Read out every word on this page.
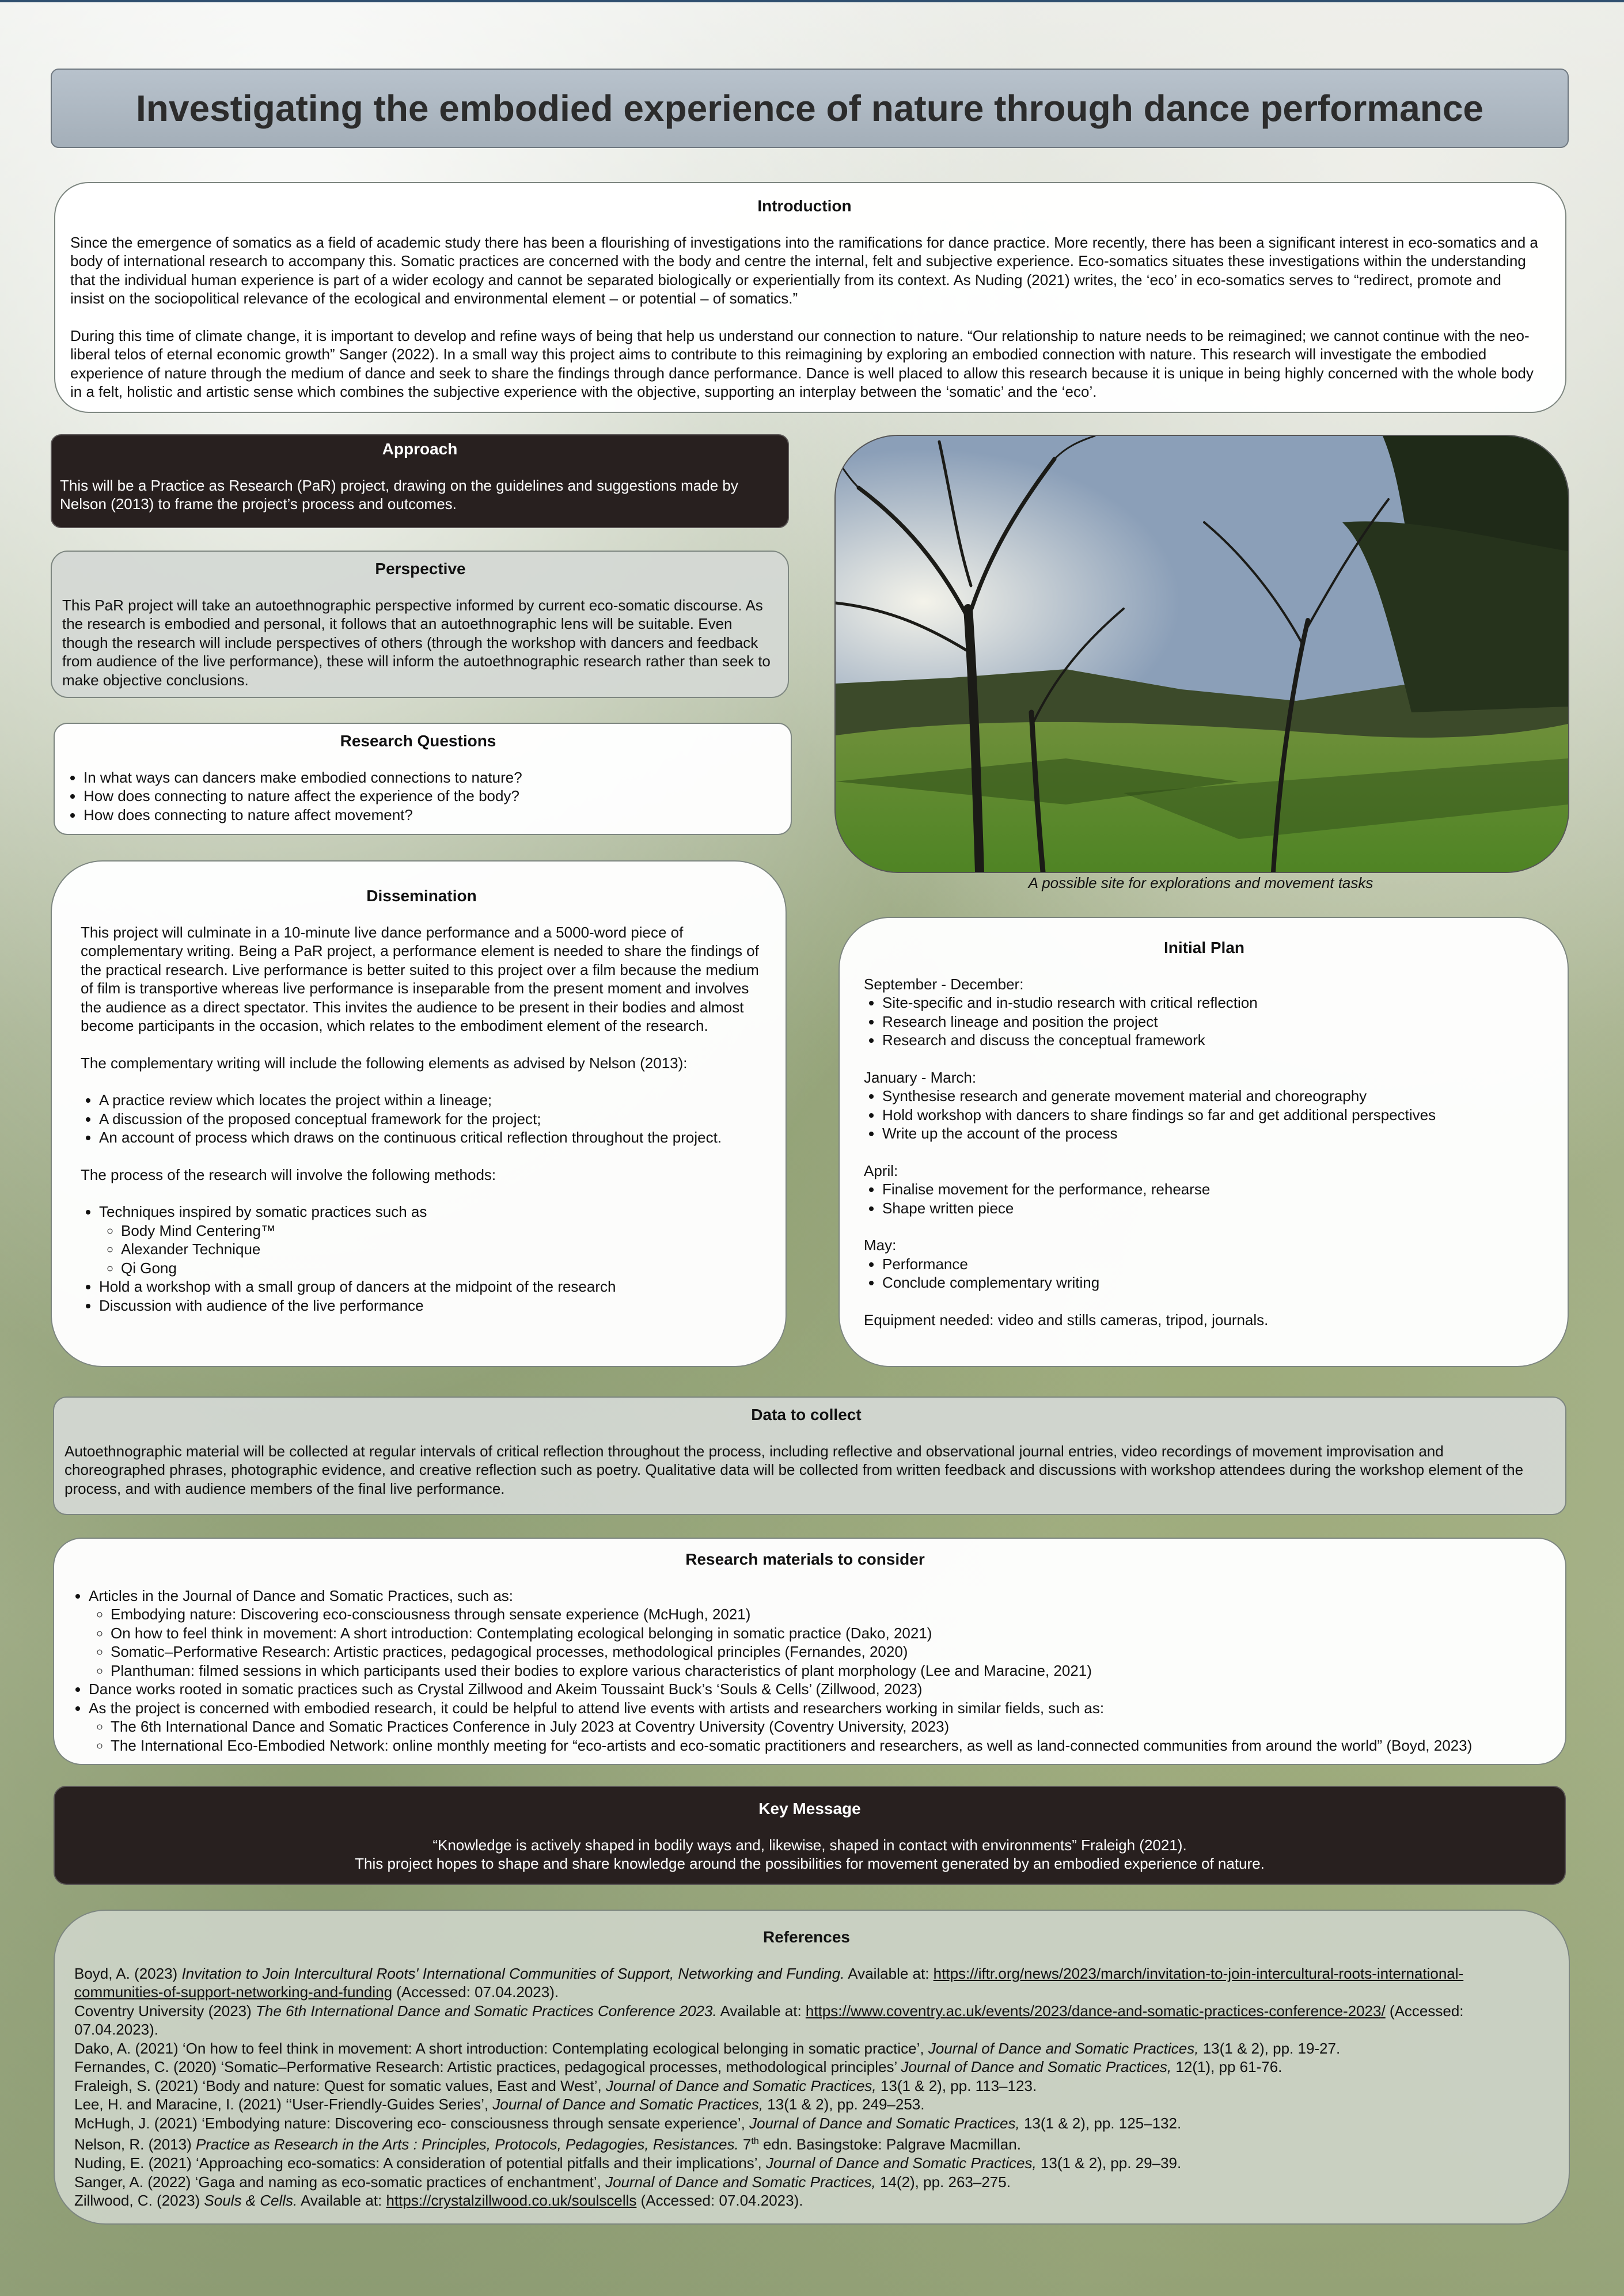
Investigating the embodied experience of nature through dance performance

Introduction

Since the emergence of somatics as a field of academic study there has been a flourishing of investigations into the ramifications for dance practice. More recently, there has been a significant interest in eco-somatics and a body of international research to accompany this. Somatic practices are concerned with the body and centre the internal, felt and subjective experience. Eco-somatics situates these investigations within the understanding that the individual human experience is part of a wider ecology and cannot be separated biologically or experientially from its context. As Nuding (2021) writes, the ‘eco’ in eco-somatics serves to “redirect, promote and insist on the sociopolitical relevance of the ecological and environmental element – or potential – of somatics.”

During this time of climate change, it is important to develop and refine ways of being that help us understand our connection to nature. “Our relationship to nature needs to be reimagined; we cannot continue with the neo-liberal telos of eternal economic growth” Sanger (2022). In a small way this project aims to contribute to this reimagining by exploring an embodied connection with nature. This research will investigate the embodied experience of nature through the medium of dance and seek to share the findings through dance performance. Dance is well placed to allow this research because it is unique in being highly concerned with the whole body in a felt, holistic and artistic sense which combines the subjective experience with the objective, supporting an interplay between the ‘somatic’ and the ‘eco’.

Approach

This will be a Practice as Research (PaR) project, drawing on the guidelines and suggestions made by Nelson (2013) to frame the project’s process and outcomes.

Perspective

This PaR project will take an autoethnographic perspective informed by current eco-somatic discourse. As the research is embodied and personal, it follows that an autoethnographic lens will be suitable. Even though the research will include perspectives of others (through the workshop with dancers and feedback from audience of the live performance), these will inform the autoethnographic research rather than seek to make objective conclusions.

Research Questions

• In what ways can dancers make embodied connections to nature?
• How does connecting to nature affect the experience of the body?
• How does connecting to nature affect movement?
A possible site for explorations and movement tasks

Dissemination

This project will culminate in a 10-minute live dance performance and a 5000-word piece of complementary writing. Being a PaR project, a performance element is needed to share the findings of the practical research. Live performance is better suited to this project over a film because the medium of film is transportive whereas live performance is inseparable from the present moment and involves the audience as a direct spectator. This invites the audience to be present in their bodies and almost become participants in the occasion, which relates to the embodiment element of the research.

The complementary writing will include the following elements as advised by Nelson (2013):

• A practice review which locates the project within a lineage;
• A discussion of the proposed conceptual framework for the project;
• An account of process which draws on the continuous critical reflection throughout the project.

The process of the research will involve the following methods:

• Techniques inspired by somatic practices such as
◦ Body Mind Centering™
◦ Alexander Technique
◦ Qi Gong
• Hold a workshop with a small group of dancers at the midpoint of the research
• Discussion with audience of the live performance

Initial Plan

September - December:

• Site-specific and in-studio research with critical reflection
• Research lineage and position the project
• Research and discuss the conceptual framework

January - March:

• Synthesise research and generate movement material and choreography
• Hold workshop with dancers to share findings so far and get additional perspectives
• Write up the account of the process

April:

• Finalise movement for the performance, rehearse
• Shape written piece

May:

• Performance
• Conclude complementary writing

Equipment needed: video and stills cameras, tripod, journals.

Data to collect

Autoethnographic material will be collected at regular intervals of critical reflection throughout the process, including reflective and observational journal entries, video recordings of movement improvisation and choreographed phrases, photographic evidence, and creative reflection such as poetry. Qualitative data will be collected from written feedback and discussions with workshop attendees during the workshop element of the process, and with audience members of the final live performance.

Research materials to consider

• Articles in the Journal of Dance and Somatic Practices, such as:
◦ Embodying nature: Discovering eco-consciousness through sensate experience (McHugh, 2021)
◦ On how to feel think in movement: A short introduction: Contemplating ecological belonging in somatic practice (Dako, 2021)
◦ Somatic–Performative Research: Artistic practices, pedagogical processes, methodological principles (Fernandes, 2020)
◦ Planthuman: filmed sessions in which participants used their bodies to explore various characteristics of plant morphology (Lee and Maracine, 2021)
• Dance works rooted in somatic practices such as Crystal Zillwood and Akeim Toussaint Buck’s ‘Souls & Cells’ (Zillwood, 2023)
• As the project is concerned with embodied research, it could be helpful to attend live events with artists and researchers working in similar fields, such as:
◦ The 6th International Dance and Somatic Practices Conference in July 2023 at Coventry University (Coventry University, 2023)
◦ The International Eco-Embodied Network: online monthly meeting for “eco-artists and eco-somatic practitioners and researchers, as well as land-connected communities from around the world” (Boyd, 2023)

Key Message

“Knowledge is actively shaped in bodily ways and, likewise, shaped in contact with environments” Fraleigh (2021).

This project hopes to shape and share knowledge around the possibilities for movement generated by an embodied experience of nature.

References

Boyd, A. (2023) Invitation to Join Intercultural Roots' International Communities of Support, Networking and Funding. Available at: https://iftr.org/news/2023/march/invitation-to-join-intercultural-roots-international-communities-of-support-networking-and-funding (Accessed: 07.04.2023).

Coventry University (2023) The 6th International Dance and Somatic Practices Conference 2023. Available at: https://www.coventry.ac.uk/events/2023/dance-and-somatic-practices-conference-2023/ (Accessed: 07.04.2023).

Dako, A. (2021) ‘On how to feel think in movement: A short introduction: Contemplating ecological belonging in somatic practice’, Journal of Dance and Somatic Practices, 13(1 & 2), pp. 19-27.

Fernandes, C. (2020) ‘Somatic–Performative Research: Artistic practices, pedagogical processes, methodological principles’ Journal of Dance and Somatic Practices, 12(1), pp 61-76.

Fraleigh, S. (2021) ‘Body and nature: Quest for somatic values, East and West’, Journal of Dance and Somatic Practices, 13(1 & 2), pp. 113–123.

Lee, H. and Maracine, I. (2021) ‘‘User-Friendly-Guides Series’, Journal of Dance and Somatic Practices, 13(1 & 2), pp. 249–253.

McHugh, J. (2021) ‘Embodying nature: Discovering eco- consciousness through sensate experience’, Journal of Dance and Somatic Practices, 13(1 & 2), pp. 125–132.

Nelson, R. (2013) Practice as Research in the Arts : Principles, Protocols, Pedagogies, Resistances. 7th edn. Basingstoke: Palgrave Macmillan.

Nuding, E. (2021) ‘Approaching eco-somatics: A consideration of potential pitfalls and their implications’, Journal of Dance and Somatic Practices, 13(1 & 2), pp. 29–39.

Sanger, A. (2022) ‘Gaga and naming as eco-somatic practices of enchantment’, Journal of Dance and Somatic Practices, 14(2), pp. 263–275.

Zillwood, C. (2023) Souls & Cells. Available at: https://crystalzillwood.co.uk/soulscells (Accessed: 07.04.2023).
